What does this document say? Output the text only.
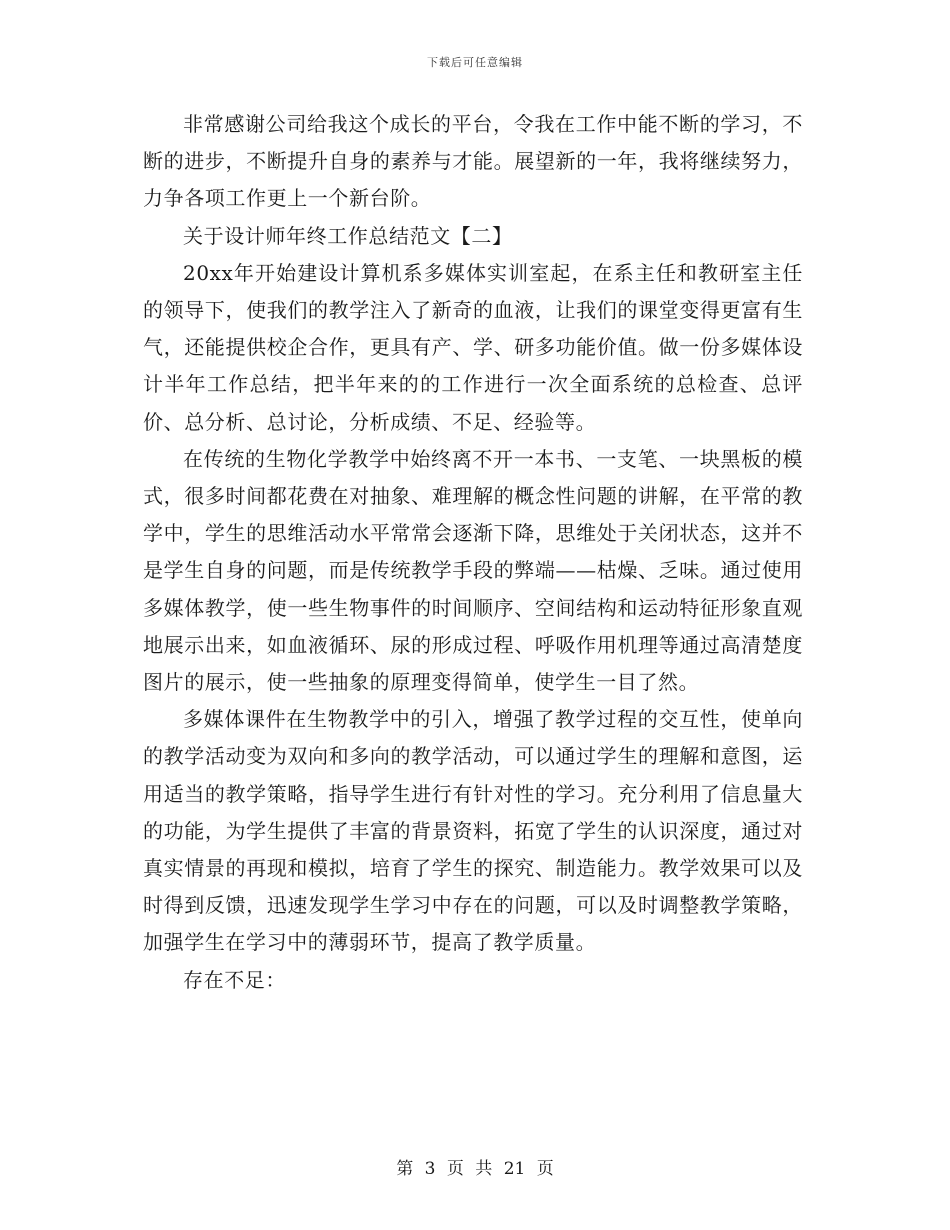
下载后可任意编辑

非常感谢公司给我这个成长的平台，令我在工作中能不断的学习，不断的进步，不断提升自身的素养与才能。展望新的一年，我将继续努力，力争各项工作更上一个新台阶。

关于设计师年终工作总结范文【二】

20xx年开始建设计算机系多媒体实训室起，在系主任和教研室主任的领导下，使我们的教学注入了新奇的血液，让我们的课堂变得更富有生气，还能提供校企合作，更具有产、学、研多功能价值。做一份多媒体设计半年工作总结，把半年来的的工作进行一次全面系统的总检查、总评价、总分析、总讨论，分析成绩、不足、经验等。

在传统的生物化学教学中始终离不开一本书、一支笔、一块黑板的模式，很多时间都花费在对抽象、难理解的概念性问题的讲解，在平常的教学中，学生的思维活动水平常常会逐渐下降，思维处于关闭状态，这并不是学生自身的问题，而是传统教学手段的弊端——枯燥、乏味。通过使用多媒体教学，使一些生物事件的时间顺序、空间结构和运动特征形象直观地展示出来，如血液循环、尿的形成过程、呼吸作用机理等通过高清楚度图片的展示，使一些抽象的原理变得简单，使学生一目了然。

多媒体课件在生物教学中的引入，增强了教学过程的交互性，使单向的教学活动变为双向和多向的教学活动，可以通过学生的理解和意图，运用适当的教学策略，指导学生进行有针对性的学习。充分利用了信息量大的功能，为学生提供了丰富的背景资料，拓宽了学生的认识深度，通过对真实情景的再现和模拟，培育了学生的探究、制造能力。教学效果可以及时得到反馈，迅速发现学生学习中存在的问题，可以及时调整教学策略，加强学生在学习中的薄弱环节，提高了教学质量。

存在不足：

第 3 页 共 21 页
